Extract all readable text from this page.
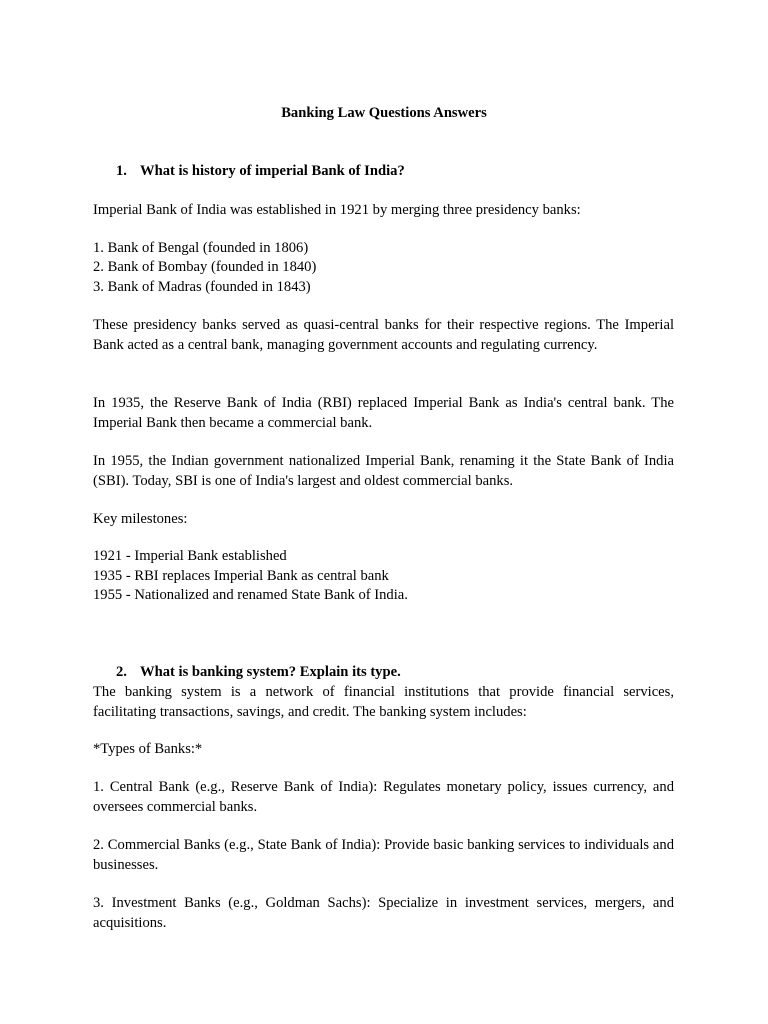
Banking Law Questions Answers
1. What is history of imperial Bank of India?
Imperial Bank of India was established in 1921 by merging three presidency banks:
1. Bank of Bengal (founded in 1806)
2. Bank of Bombay (founded in 1840)
3. Bank of Madras (founded in 1843)
These presidency banks served as quasi-central banks for their respective regions. The Imperial Bank acted as a central bank, managing government accounts and regulating currency.
In 1935, the Reserve Bank of India (RBI) replaced Imperial Bank as India's central bank. The Imperial Bank then became a commercial bank.
In 1955, the Indian government nationalized Imperial Bank, renaming it the State Bank of India (SBI). Today, SBI is one of India's largest and oldest commercial banks.
Key milestones:
1921 - Imperial Bank established
1935 - RBI replaces Imperial Bank as central bank
1955 - Nationalized and renamed State Bank of India.
2. What is banking system? Explain its type.
The banking system is a network of financial institutions that provide financial services, facilitating transactions, savings, and credit. The banking system includes:
*Types of Banks:*
1. Central Bank (e.g., Reserve Bank of India): Regulates monetary policy, issues currency, and oversees commercial banks.
2. Commercial Banks (e.g., State Bank of India): Provide basic banking services to individuals and businesses.
3. Investment Banks (e.g., Goldman Sachs): Specialize in investment services, mergers, and acquisitions.
